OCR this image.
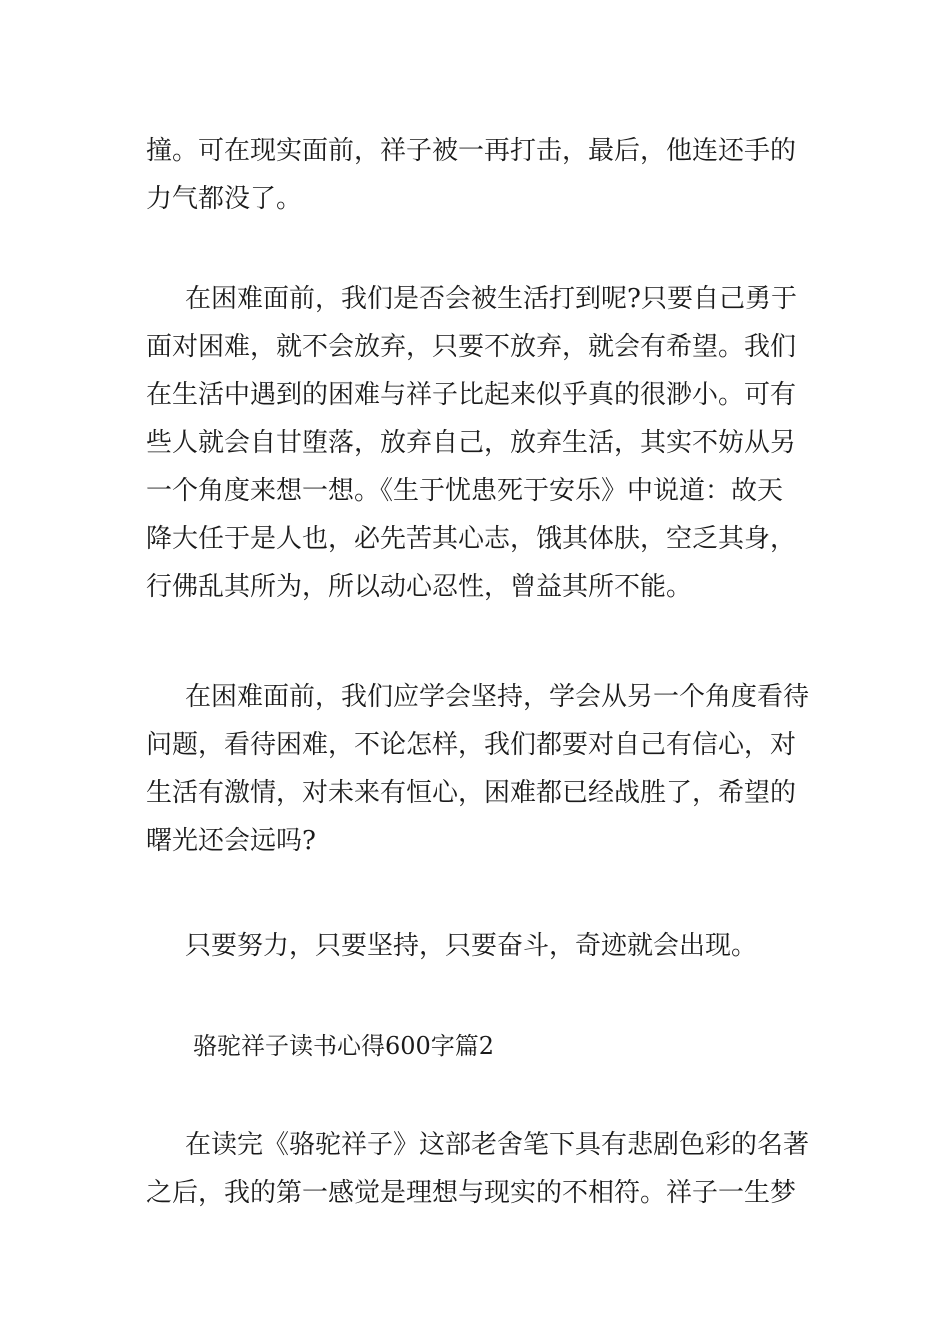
撞。可在现实面前，祥子被一再打击，最后，他连还手的
力气都没了。

在困难面前，我们是否会被生活打到呢?只要自己勇于
面对困难，就不会放弃，只要不放弃，就会有希望。我们
在生活中遇到的困难与祥子比起来似乎真的很渺小。可有
些人就会自甘堕落，放弃自己，放弃生活，其实不妨从另
一个角度来想一想。《生于忧患死于安乐》中说道：故天
降大任于是人也，必先苦其心志，饿其体肤，空乏其身，
行佛乱其所为，所以动心忍性，曾益其所不能。

在困难面前，我们应学会坚持，学会从另一个角度看待
问题，看待困难，不论怎样，我们都要对自己有信心，对
生活有激情，对未来有恒心，困难都已经战胜了，希望的
曙光还会远吗?

只要努力，只要坚持，只要奋斗，奇迹就会出现。

骆驼祥子读书心得600字篇2

在读完《骆驼祥子》这部老舍笔下具有悲剧色彩的名著
之后，我的第一感觉是理想与现实的不相符。祥子一生梦
